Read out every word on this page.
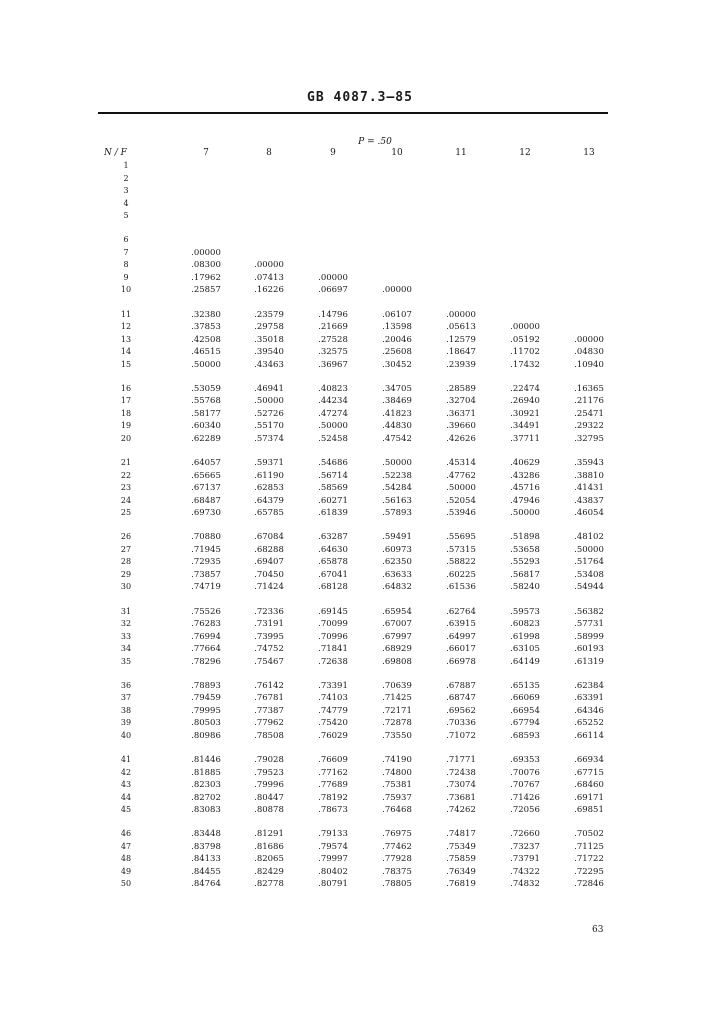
GB 4087.3—85
P = .50
N / F	7	8	9	10	11	12	13
1
2
3
4
5
6
7	.00000
8	.08300	.00000
9	.17962	.07413	.00000
10	.25857	.16226	.06697	.00000
11	.32380	.23579	.14796	.06107	.00000
12	.37853	.29758	.21669	.13598	.05613	.00000
13	.42508	.35018	.27528	.20046	.12579	.05192	.00000
14	.46515	.39540	.32575	.25608	.18647	.11702	.04830
15	.50000	.43463	.36967	.30452	.23939	.17432	.10940
16	.53059	.46941	.40823	.34705	.28589	.22474	.16365
17	.55768	.50000	.44234	.38469	.32704	.26940	.21176
18	.58177	.52726	.47274	.41823	.36371	.30921	.25471
19	.60340	.55170	.50000	.44830	.39660	.34491	.29322
20	.62289	.57374	.52458	.47542	.42626	.37711	.32795
21	.64057	.59371	.54686	.50000	.45314	.40629	.35943
22	.65665	.61190	.56714	.52238	.47762	.43286	.38810
23	.67137	.62853	.58569	.54284	.50000	.45716	.41431
24	.68487	.64379	.60271	.56163	.52054	.47946	.43837
25	.69730	.65785	.61839	.57893	.53946	.50000	.46054
26	.70880	.67084	.63287	.59491	.55695	.51898	.48102
27	.71945	.68288	.64630	.60973	.57315	.53658	.50000
28	.72935	.69407	.65878	.62350	.58822	.55293	.51764
29	.73857	.70450	.67041	.63633	.60225	.56817	.53408
30	.74719	.71424	.68128	.64832	.61536	.58240	.54944
31	.75526	.72336	.69145	.65954	.62764	.59573	.56382
32	.76283	.73191	.70099	.67007	.63915	.60823	.57731
33	.76994	.73995	.70996	.67997	.64997	.61998	.58999
34	.77664	.74752	.71841	.68929	.66017	.63105	.60193
35	.78296	.75467	.72638	.69808	.66978	.64149	.61319
36	.78893	.76142	.73391	.70639	.67887	.65135	.62384
37	.79459	.76781	.74103	.71425	.68747	.66069	.63391
38	.79995	.77387	.74779	.72171	.69562	.66954	.64346
39	.80503	.77962	.75420	.72878	.70336	.67794	.65252
40	.80986	.78508	.76029	.73550	.71072	.68593	.66114
41	.81446	.79028	.76609	.74190	.71771	.69353	.66934
42	.81885	.79523	.77162	.74800	.72438	.70076	.67715
43	.82303	.79996	.77689	.75381	.73074	.70767	.68460
44	.82702	.80447	.78192	.75937	.73681	.71426	.69171
45	.83083	.80878	.78673	.76468	.74262	.72056	.69851
46	.83448	.81291	.79133	.76975	.74817	.72660	.70502
47	.83798	.81686	.79574	.77462	.75349	.73237	.71125
48	.84133	.82065	.79997	.77928	.75859	.73791	.71722
49	.84455	.82429	.80402	.78375	.76349	.74322	.72295
50	.84764	.82778	.80791	.78805	.76819	.74832	.72846
63
